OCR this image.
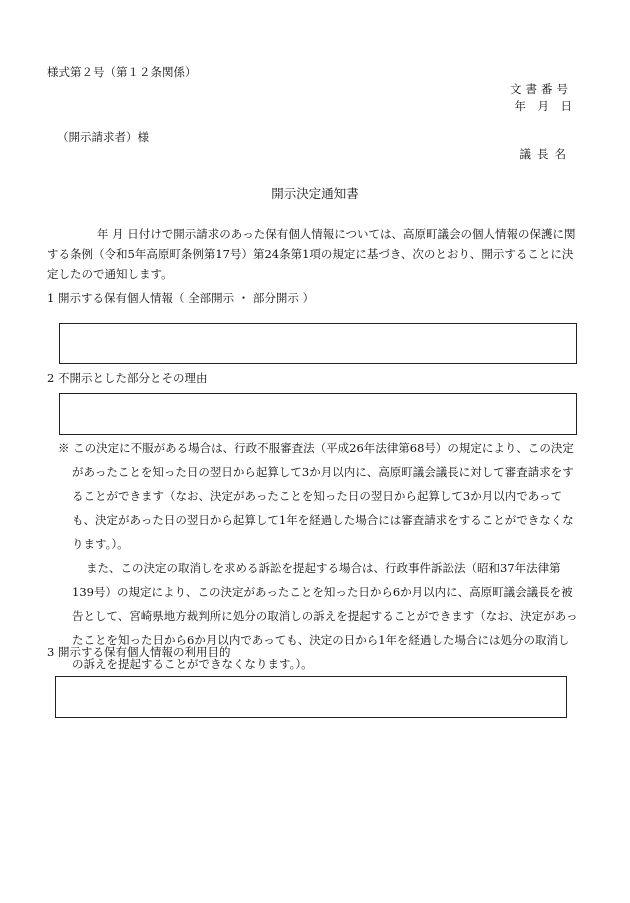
様式第２号（第１２条関係）
文書番号
年　月　日
（開示請求者）様
議長名
開示決定通知書
年 月 日付けで開示請求のあった保有個人情報については、高原町議会の個人情報の保護に関する条例（令和5年高原町条例第17号）第24条第1項の規定に基づき、次のとおり、開示することに決定したので通知します。
1 開示する保有個人情報（ 全部開示 ・ 部分開示 ）
2 不開示とした部分とその理由

※ この決定に不服がある場合は、行政不服審査法（平成26年法律第68号）の規定により、この決定があったことを知った日の翌日から起算して3か月以内に、高原町議会議長に対して審査請求をすることができます（なお、決定があったことを知った日の翌日から起算して3か月以内であっても、決定があった日の翌日から起算して1年を経過した場合には審査請求をすることができなくなります。）。

また、この決定の取消しを求める訴訟を提起する場合は、行政事件訴訟法（昭和37年法律第139号）の規定により、この決定があったことを知った日から6か月以内に、高原町議会議長を被告として、宮崎県地方裁判所に処分の取消しの訴えを提起することができます（なお、決定があったことを知った日から6か月以内であっても、決定の日から1年を経過した場合には処分の取消しの訴えを提起することができなくなります。）。

3 開示する保有個人情報の利用目的
